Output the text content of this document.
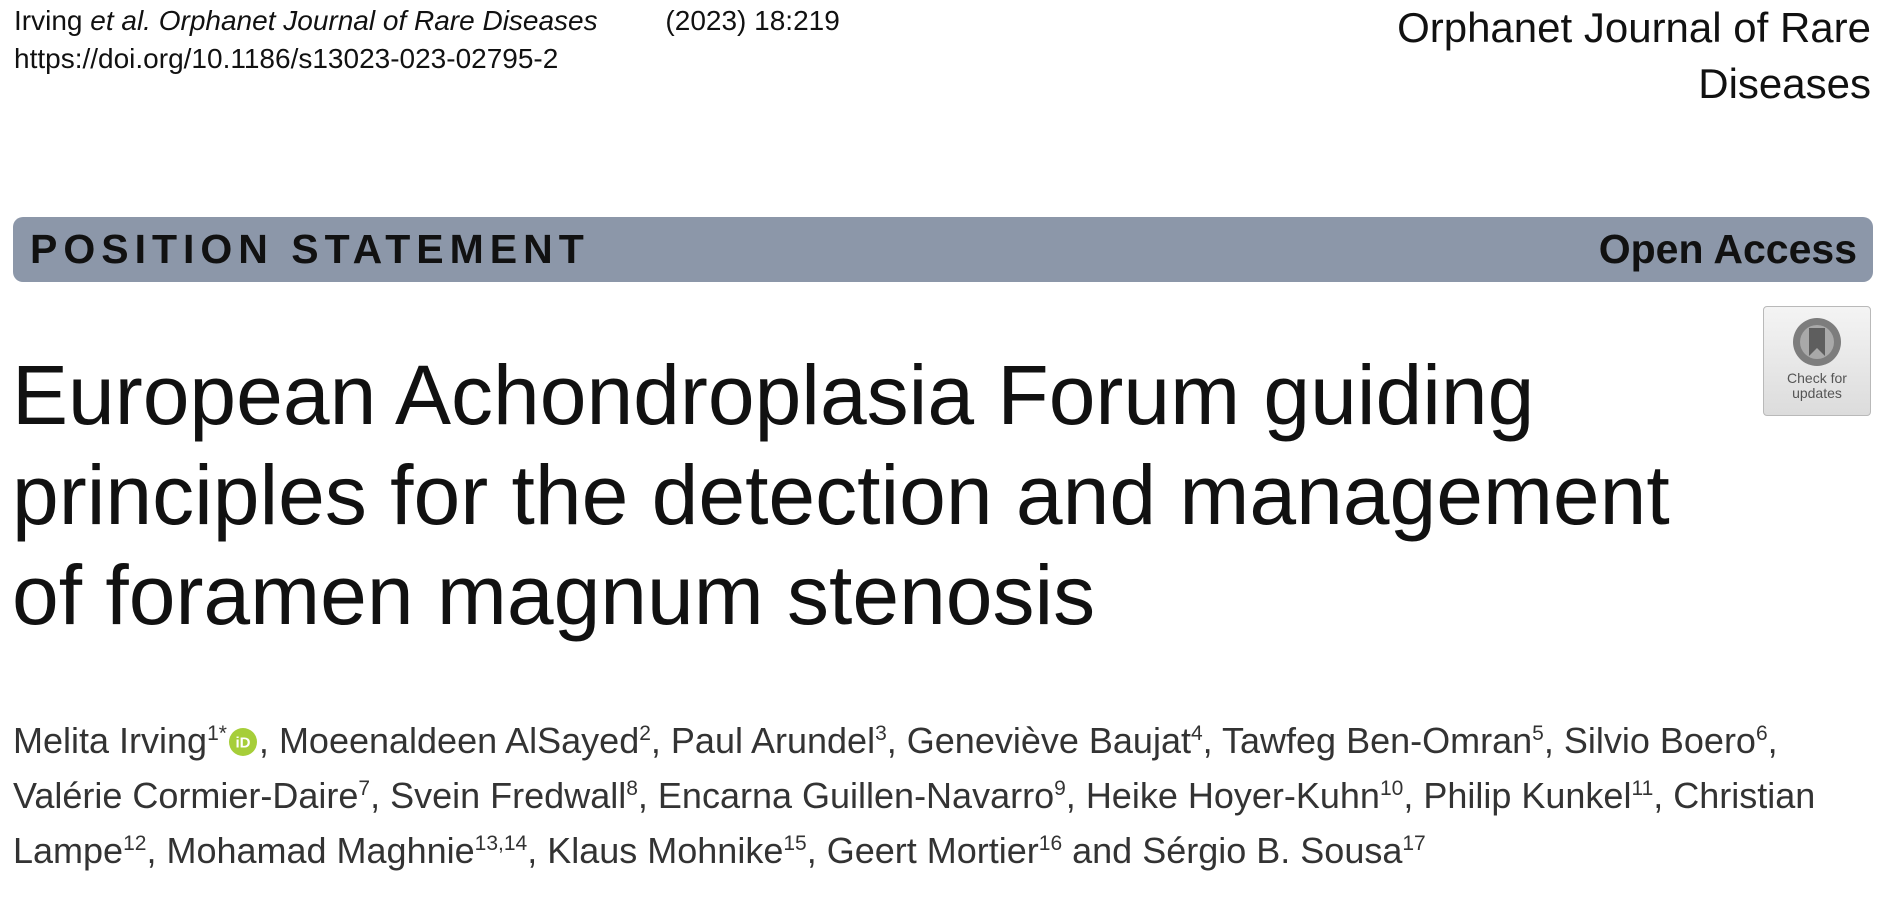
Irving et al. Orphanet Journal of Rare Diseases (2023) 18:219
https://doi.org/10.1186/s13023-023-02795-2
Orphanet Journal of Rare Diseases
POSITION STATEMENT	Open Access
European Achondroplasia Forum guiding principles for the detection and management of foramen magnum stenosis
Check for updates

Melita Irving$^{1*}$ iD , Moeenaldeen AlSayed$^2$, Paul Arundel$^3$, Geneviève Baujat$^4$, Tawfeg Ben-Omran$^5$, Silvio Boero$^6$, Valérie Cormier-Daire$^7$, Svein Fredwall$^8$, Encarna Guillen-Navarro$^9$, Heike Hoyer-Kuhn$^{10}$, Philip Kunkel$^{11}$, Christian Lampe$^{12}$, Mohamad Maghnie$^{13,14}$, Klaus Mohnike$^{15}$, Geert Mortier$^{16}$ and Sérgio B. Sousa$^{17}$
